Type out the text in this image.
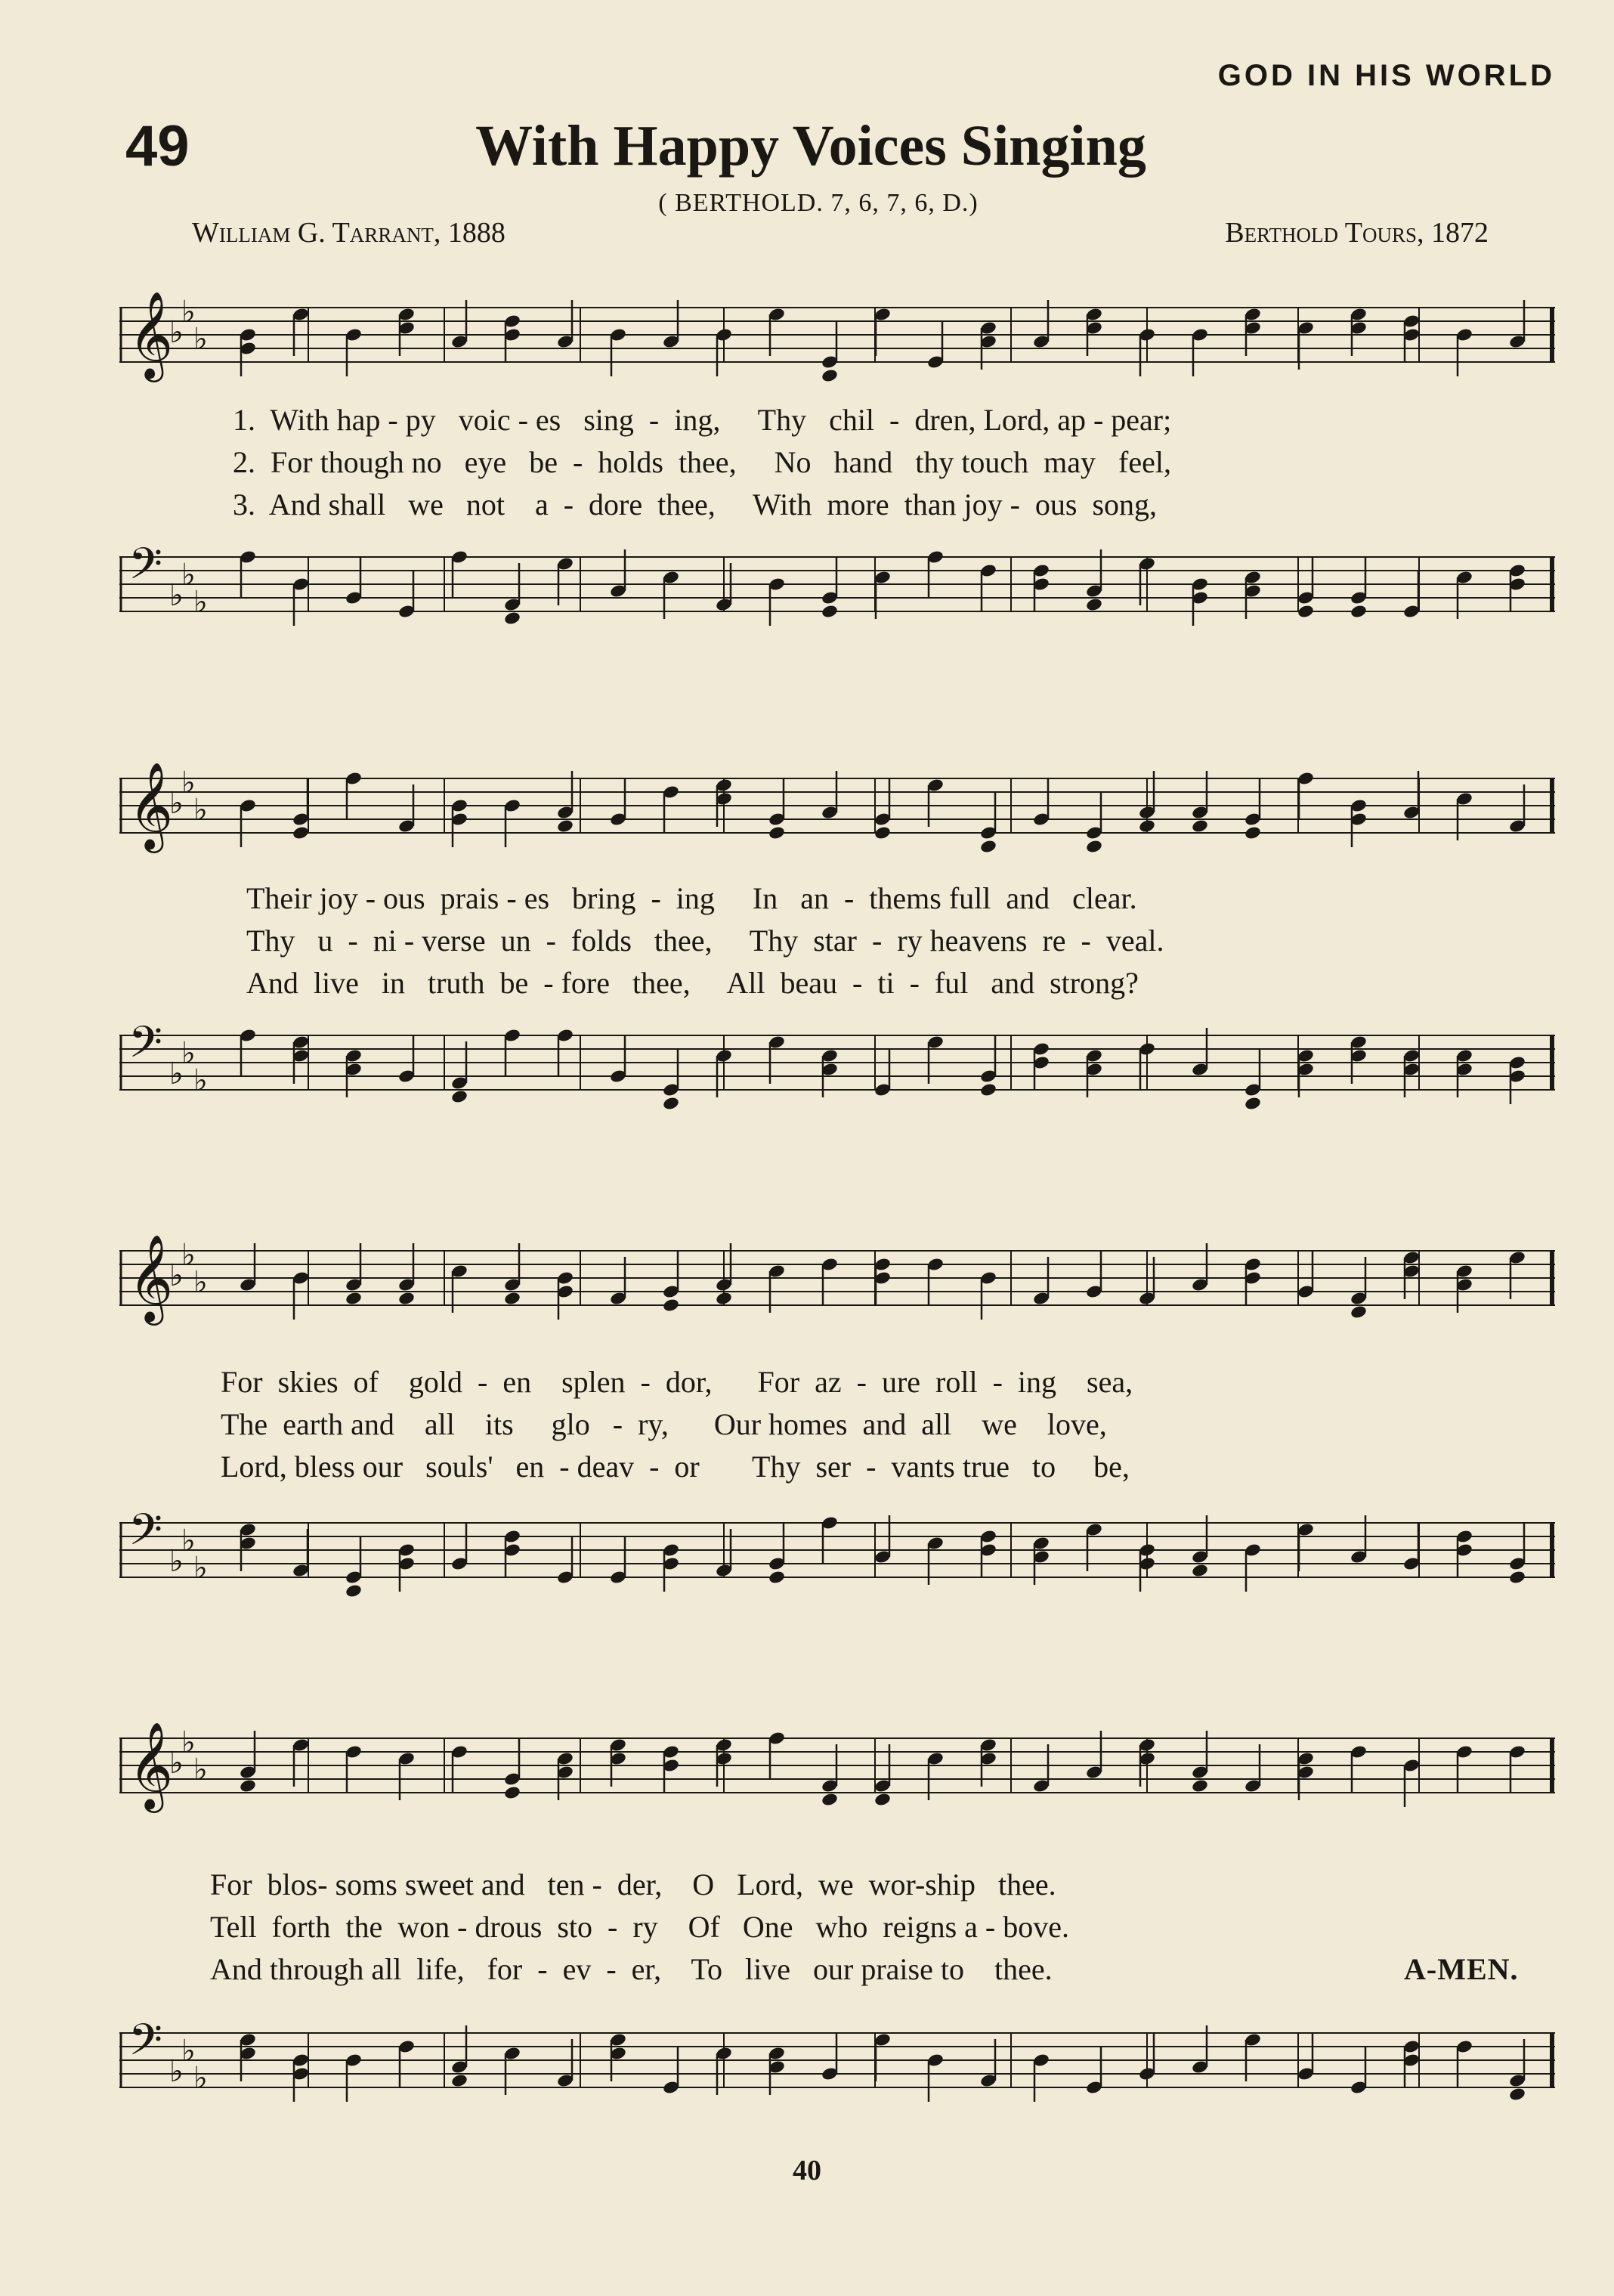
GOD IN HIS WORLD
49	With Happy Voices Singing
( BERTHOLD. 7, 6, 7, 6, D.)
William G. Tarrant, 1888	Berthold Tours, 1872
𝄞
♭
♭
♭
1.  With hap - py   voic - es   sing  -  ing,     Thy   chil  -  dren, Lord, ap - pear;
2.  For though no   eye   be  -  holds  thee,     No   hand   thy touch  may   feel,
3.  And shall   we   not    a  -  dore  thee,     With  more  than joy -  ous  song,
𝄢 ♭
♭
♭
𝄞
♭
♭
♭
Their joy - ous  prais - es   bring  -  ing     In   an  -  thems full  and   clear.
Thy   u  -  ni - verse  un  -  folds   thee,     Thy  star  -  ry heavens  re  -  veal.
And  live   in   truth  be  - fore   thee,     All  beau  -  ti  -  ful   and  strong?
𝄢 ♭
♭
♭
𝄞
♭
♭
♭
For  skies  of    gold  -  en    splen  -  dor,      For  az  -  ure  roll  -  ing    sea,
The  earth and    all    its     glo   -  ry,      Our homes  and  all    we    love,
Lord, bless our   souls'   en  - deav  -  or       Thy  ser  -  vants true   to     be,
𝄢 ♭
♭
♭
𝄞
♭
♭
♭
For  blos- soms sweet and   ten -  der,    O   Lord,  we  wor-ship   thee.
Tell  forth  the  won - drous  sto  -  ry    Of   One   who  reigns a - bove.
And through all  life,   for  -  ev  -  er,    To   live   our praise to    thee.	A-MEN.
𝄢 ♭
♭
♭
40
